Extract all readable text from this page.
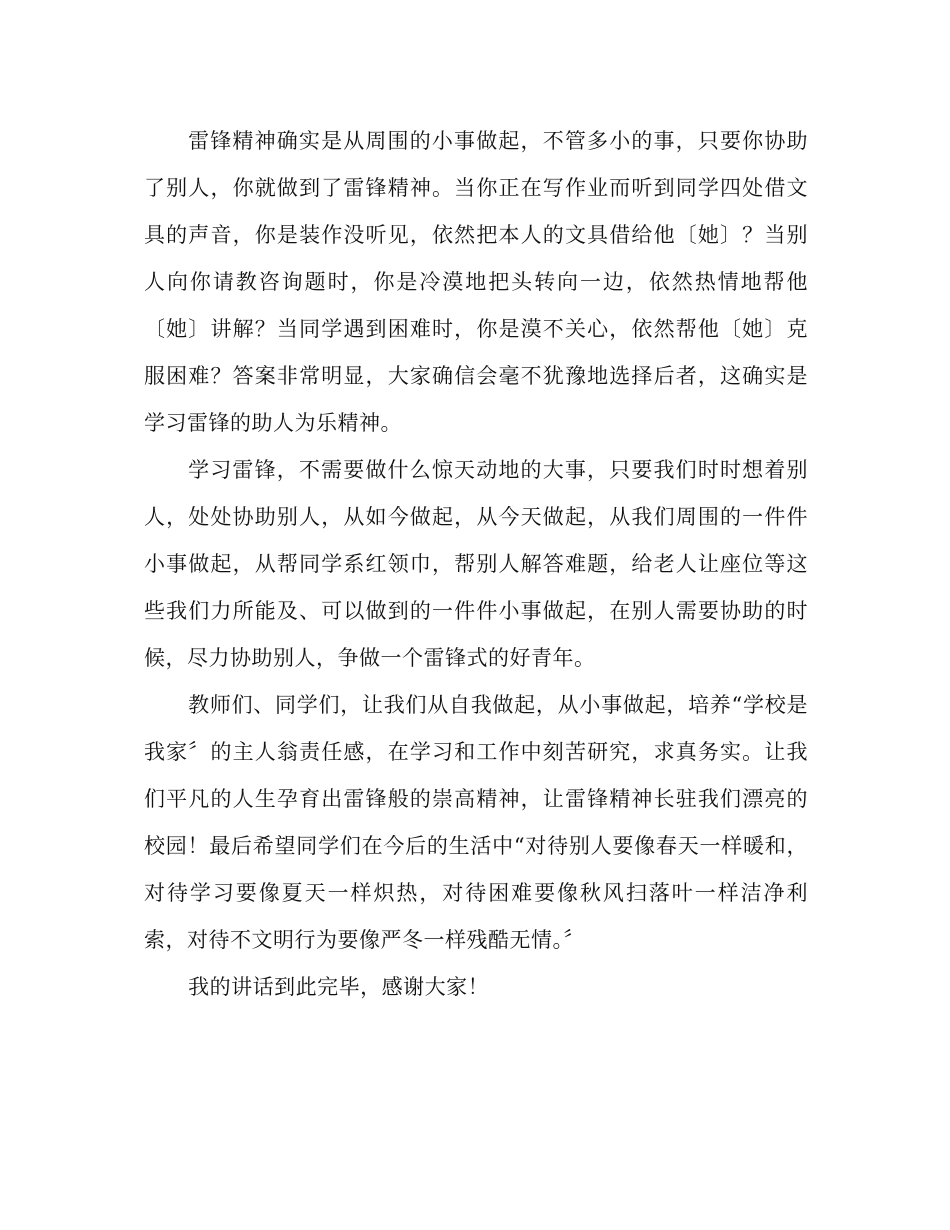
雷锋精神确实是从周围的小事做起，不管多小的事，只要你协助了别人，你就做到了雷锋精神。当你正在写作业而听到同学四处借文具的声音，你是装作没听见，依然把本人的文具借给他〔她〕？当别人向你请教咨询题时，你是冷漠地把头转向一边，依然热情地帮他〔她〕讲解？当同学遇到困难时，你是漠不关心，依然帮他〔她〕克服困难？答案非常明显，大家确信会毫不犹豫地选择后者，这确实是学习雷锋的助人为乐精神。

学习雷锋，不需要做什么惊天动地的大事，只要我们时时想着别人，处处协助别人，从如今做起，从今天做起，从我们周围的一件件小事做起，从帮同学系红领巾，帮别人解答难题，给老人让座位等这些我们力所能及、可以做到的一件件小事做起，在别人需要协助的时候，尽力协助别人，争做一个雷锋式的好青年。

教师们、同学们，让我们从自我做起，从小事做起，培养“学校是我家〞的主人翁责任感，在学习和工作中刻苦研究，求真务实。让我们平凡的人生孕育出雷锋般的崇高精神，让雷锋精神长驻我们漂亮的校园！最后希望同学们在今后的生活中“对待别人要像春天一样暖和，对待学习要像夏天一样炽热，对待困难要像秋风扫落叶一样洁净利索，对待不文明行为要像严冬一样残酷无情。〞

我的讲话到此完毕，感谢大家！
